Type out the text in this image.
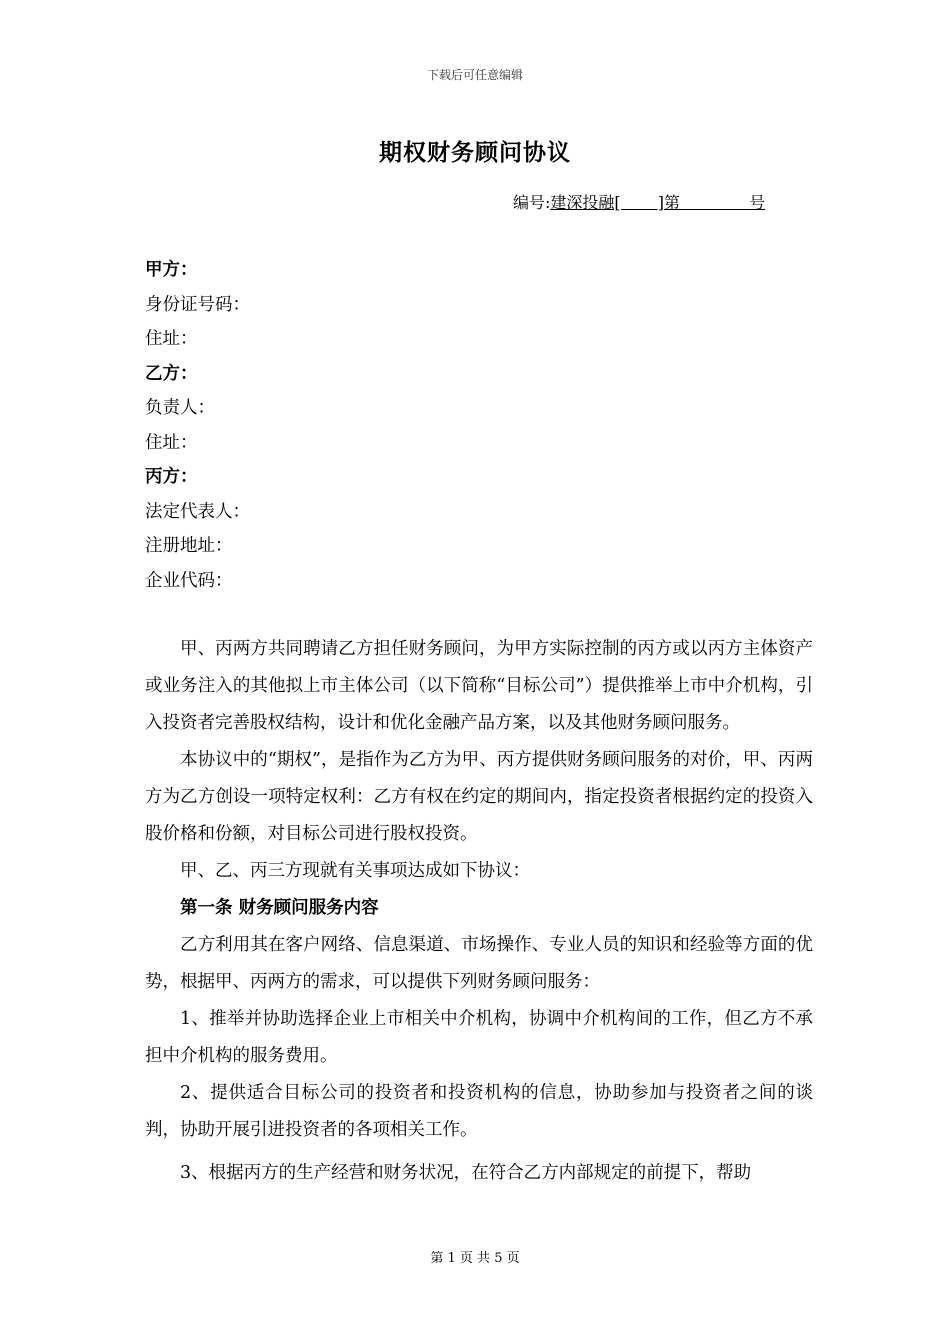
下载后可任意编辑
期权财务顾问协议
编号:建深投融[　　 ]第　　　　 号
甲方：
身份证号码：
住址：
乙方：
负责人：
住址：
丙方：
法定代表人：
注册地址：
企业代码：

甲、丙两方共同聘请乙方担任财务顾问，为甲方实际控制的丙方或以丙方主体资产或业务注入的其他拟上市主体公司（以下简称“目标公司”）提供推举上市中介机构，引入投资者完善股权结构，设计和优化金融产品方案，以及其他财务顾问服务。

本协议中的“期权”，是指作为乙方为甲、丙方提供财务顾问服务的对价，甲、丙两方为乙方创设一项特定权利：乙方有权在约定的期间内，指定投资者根据约定的投资入股价格和份额，对目标公司进行股权投资。

甲、乙、丙三方现就有关事项达成如下协议：

第一条 财务顾问服务内容

乙方利用其在客户网络、信息渠道、市场操作、专业人员的知识和经验等方面的优势，根据甲、丙两方的需求，可以提供下列财务顾问服务：

1、推举并协助选择企业上市相关中介机构，协调中介机构间的工作，但乙方不承担中介机构的服务费用。

2、提供适合目标公司的投资者和投资机构的信息，协助参加与投资者之间的谈判，协助开展引进投资者的各项相关工作。

3、根据丙方的生产经营和财务状况，在符合乙方内部规定的前提下，帮助

第 1 页 共 5 页
